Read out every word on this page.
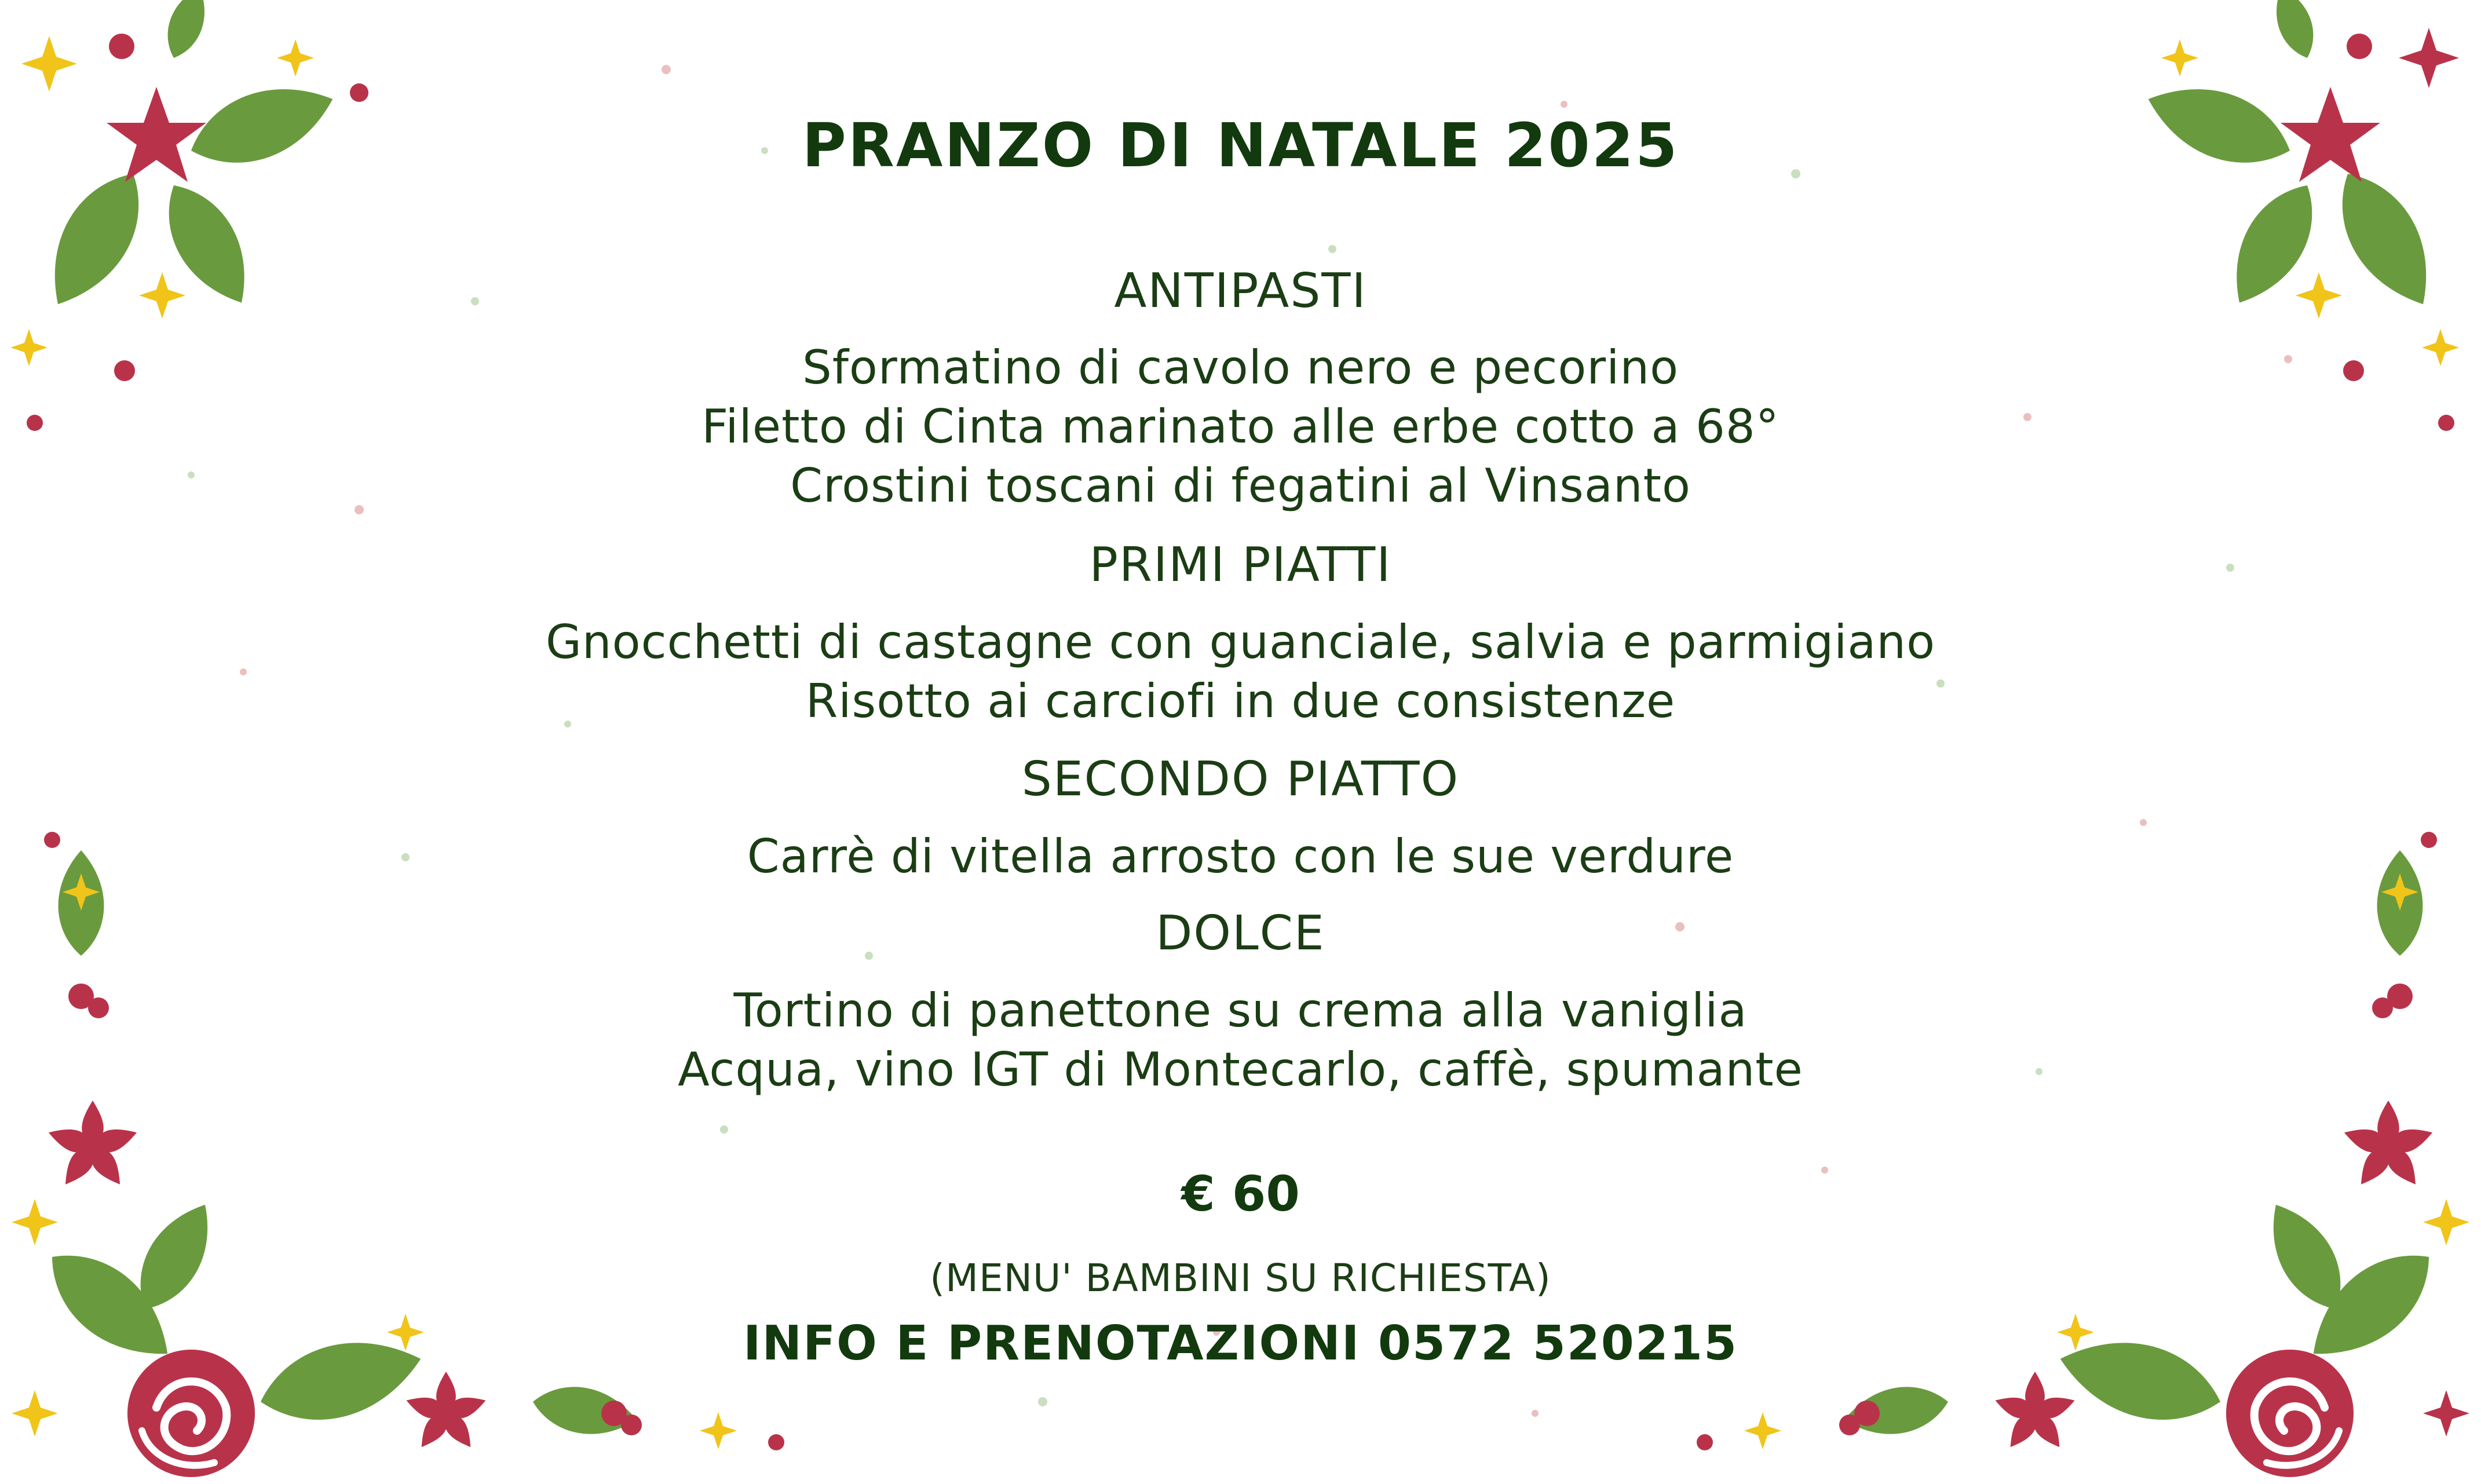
PRANZO DI NATALE 2025
ANTIPASTI
Sformatino di cavolo nero e pecorino
Filetto di Cinta marinato alle erbe cotto a 68°
Crostini toscani di fegatini al Vinsanto
PRIMI PIATTI
Gnocchetti di castagne con guanciale, salvia e parmigiano
Risotto ai carciofi in due consistenze
SECONDO PIATTO
Carrè di vitella arrosto con le sue verdure
DOLCE
Tortino di panettone su crema alla vaniglia
Acqua, vino IGT di Montecarlo, caffè, spumante
€ 60
(MENU' BAMBINI SU RICHIESTA)
INFO E PRENOTAZIONI 0572 520215
